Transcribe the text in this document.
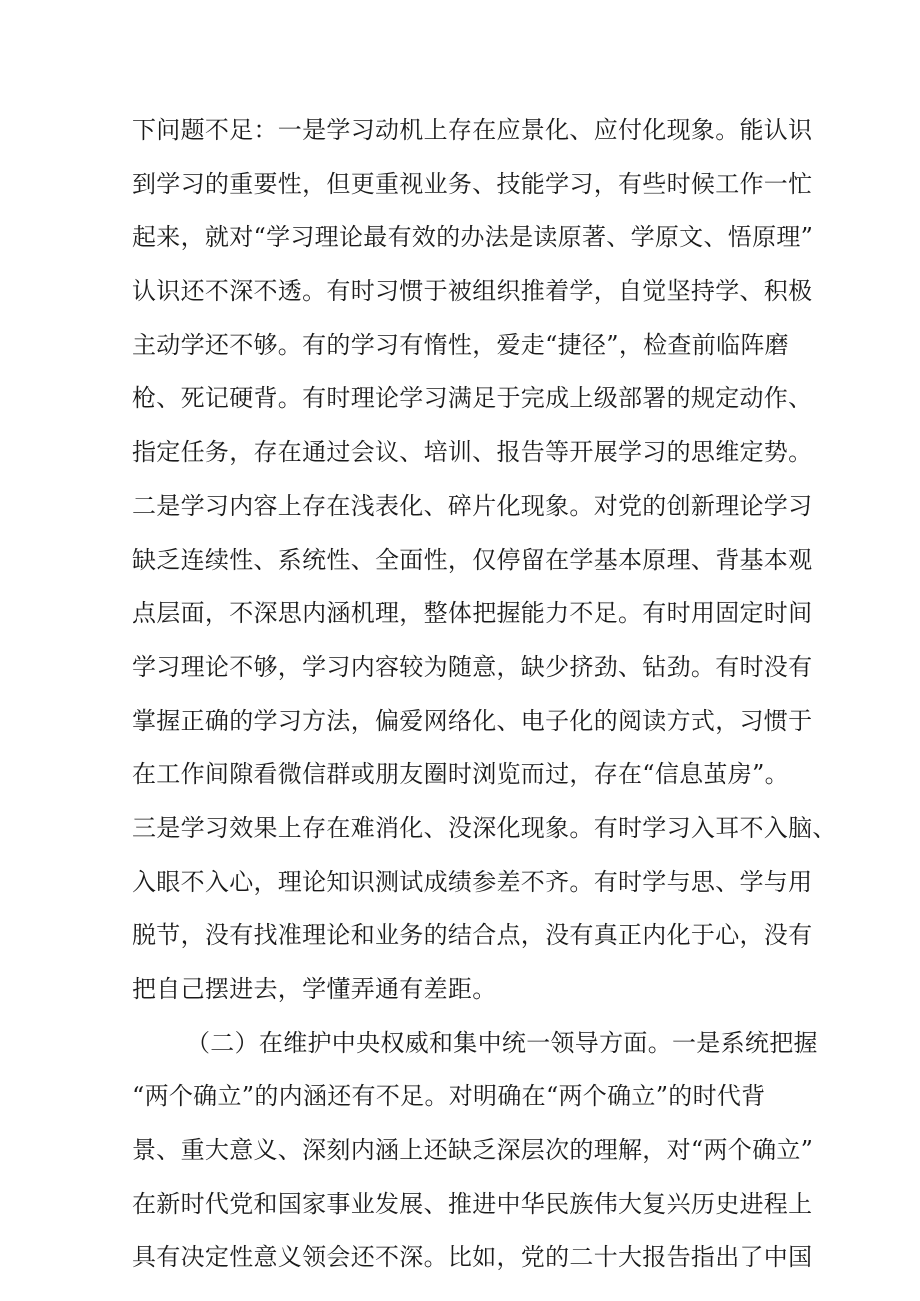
下问题不足：一是学习动机上存在应景化、应付化现象。能认识
到学习的重要性，但更重视业务、技能学习，有些时候工作一忙
起来，就对“学习理论最有效的办法是读原著、学原文、悟原理”
认识还不深不透。有时习惯于被组织推着学，自觉坚持学、积极
主动学还不够。有的学习有惰性，爱走“捷径”，检查前临阵磨
枪、死记硬背。有时理论学习满足于完成上级部署的规定动作、
指定任务，存在通过会议、培训、报告等开展学习的思维定势。
二是学习内容上存在浅表化、碎片化现象。对党的创新理论学习
缺乏连续性、系统性、全面性，仅停留在学基本原理、背基本观
点层面，不深思内涵机理，整体把握能力不足。有时用固定时间
学习理论不够，学习内容较为随意，缺少挤劲、钻劲。有时没有
掌握正确的学习方法，偏爱网络化、电子化的阅读方式，习惯于
在工作间隙看微信群或朋友圈时浏览而过，存在“信息茧房”。
三是学习效果上存在难消化、没深化现象。有时学习入耳不入脑、
入眼不入心，理论知识测试成绩参差不齐。有时学与思、学与用
脱节，没有找准理论和业务的结合点，没有真正内化于心，没有
把自己摆进去，学懂弄通有差距。
（二）在维护中央权威和集中统一领导方面。一是系统把握
“两个确立”的内涵还有不足。对明确在“两个确立”的时代背
景、重大意义、深刻内涵上还缺乏深层次的理解，对“两个确立”
在新时代党和国家事业发展、推进中华民族伟大复兴历史进程上
具有决定性意义领会还不深。比如，党的二十大报告指出了中国
